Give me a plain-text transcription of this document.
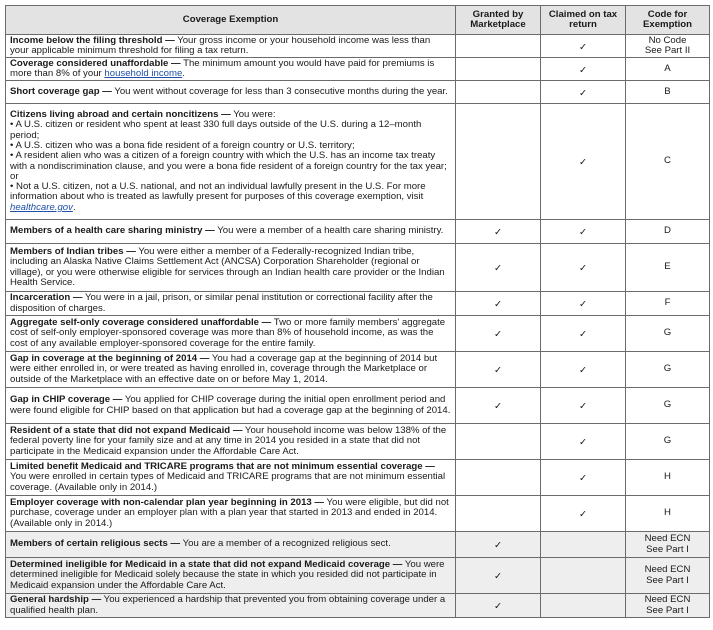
Coverage Exemption	Granted by Marketplace	Claimed on tax return	Code for Exemption
Income below the filing threshold — Your gross income or your household income was less than your applicable minimum threshold for filing a tax return.		✓	No Code
See Part II
Coverage considered unaffordable — The minimum amount you would have paid for premiums is more than 8% of your household income.		✓	A
Short coverage gap — You went without coverage for less than 3 consecutive months during the year.		✓	B
Citizens living abroad and certain noncitizens — You were:
• A U.S. citizen or resident who spent at least 330 full days outside of the U.S. during a 12–month period;
• A U.S. citizen who was a bona fide resident of a foreign country or U.S. territory;
• A resident alien who was a citizen of a foreign country with which the U.S. has an income tax treaty with a nondiscrimination clause, and you were a bona fide resident of a foreign country for the tax year; or
• Not a U.S. citizen, not a U.S. national, and not an individual lawfully present in the U.S. For more information about who is treated as lawfully present for purposes of this coverage exemption, visit healthcare.gov.		✓	C
Members of a health care sharing ministry — You were a member of a health care sharing ministry.	✓	✓	D
Members of Indian tribes — You were either a member of a Federally-recognized Indian tribe, including an Alaska Native Claims Settlement Act (ANCSA) Corporation Shareholder (regional or village), or you were otherwise eligible for services through an Indian health care provider or the Indian Health Service.	✓	✓	E
Incarceration — You were in a jail, prison, or similar penal institution or correctional facility after the disposition of charges.	✓	✓	F
Aggregate self-only coverage considered unaffordable — Two or more family members' aggregate cost of self-only employer-sponsored coverage was more than 8% of household income, as was the cost of any available employer-sponsored coverage for the entire family.	✓	✓	G
Gap in coverage at the beginning of 2014 — You had a coverage gap at the beginning of 2014 but were either enrolled in, or were treated as having enrolled in, coverage through the Marketplace or outside of the Marketplace with an effective date on or before May 1, 2014.	✓	✓	G
Gap in CHIP coverage — You applied for CHIP coverage during the initial open enrollment period and were found eligible for CHIP based on that application but had a coverage gap at the beginning of 2014.	✓	✓	G
Resident of a state that did not expand Medicaid — Your household income was below 138% of the federal poverty line for your family size and at any time in 2014 you resided in a state that did not participate in the Medicaid expansion under the Affordable Care Act.		✓	G
Limited benefit Medicaid and TRICARE programs that are not minimum essential coverage — You were enrolled in certain types of Medicaid and TRICARE programs that are not minimum essential coverage. (Available only in 2014.)		✓	H
Employer coverage with non-calendar plan year beginning in 2013 — You were eligible, but did not purchase, coverage under an employer plan with a plan year that started in 2013 and ended in 2014. (Available only in 2014.)		✓	H
Members of certain religious sects — You are a member of a recognized religious sect.	✓		Need ECN
See Part I
Determined ineligible for Medicaid in a state that did not expand Medicaid coverage — You were determined ineligible for Medicaid solely because the state in which you resided did not participate in Medicaid expansion under the Affordable Care Act.	✓		Need ECN
See Part I
General hardship — You experienced a hardship that prevented you from obtaining coverage under a qualified health plan.	✓		Need ECN
See Part I
